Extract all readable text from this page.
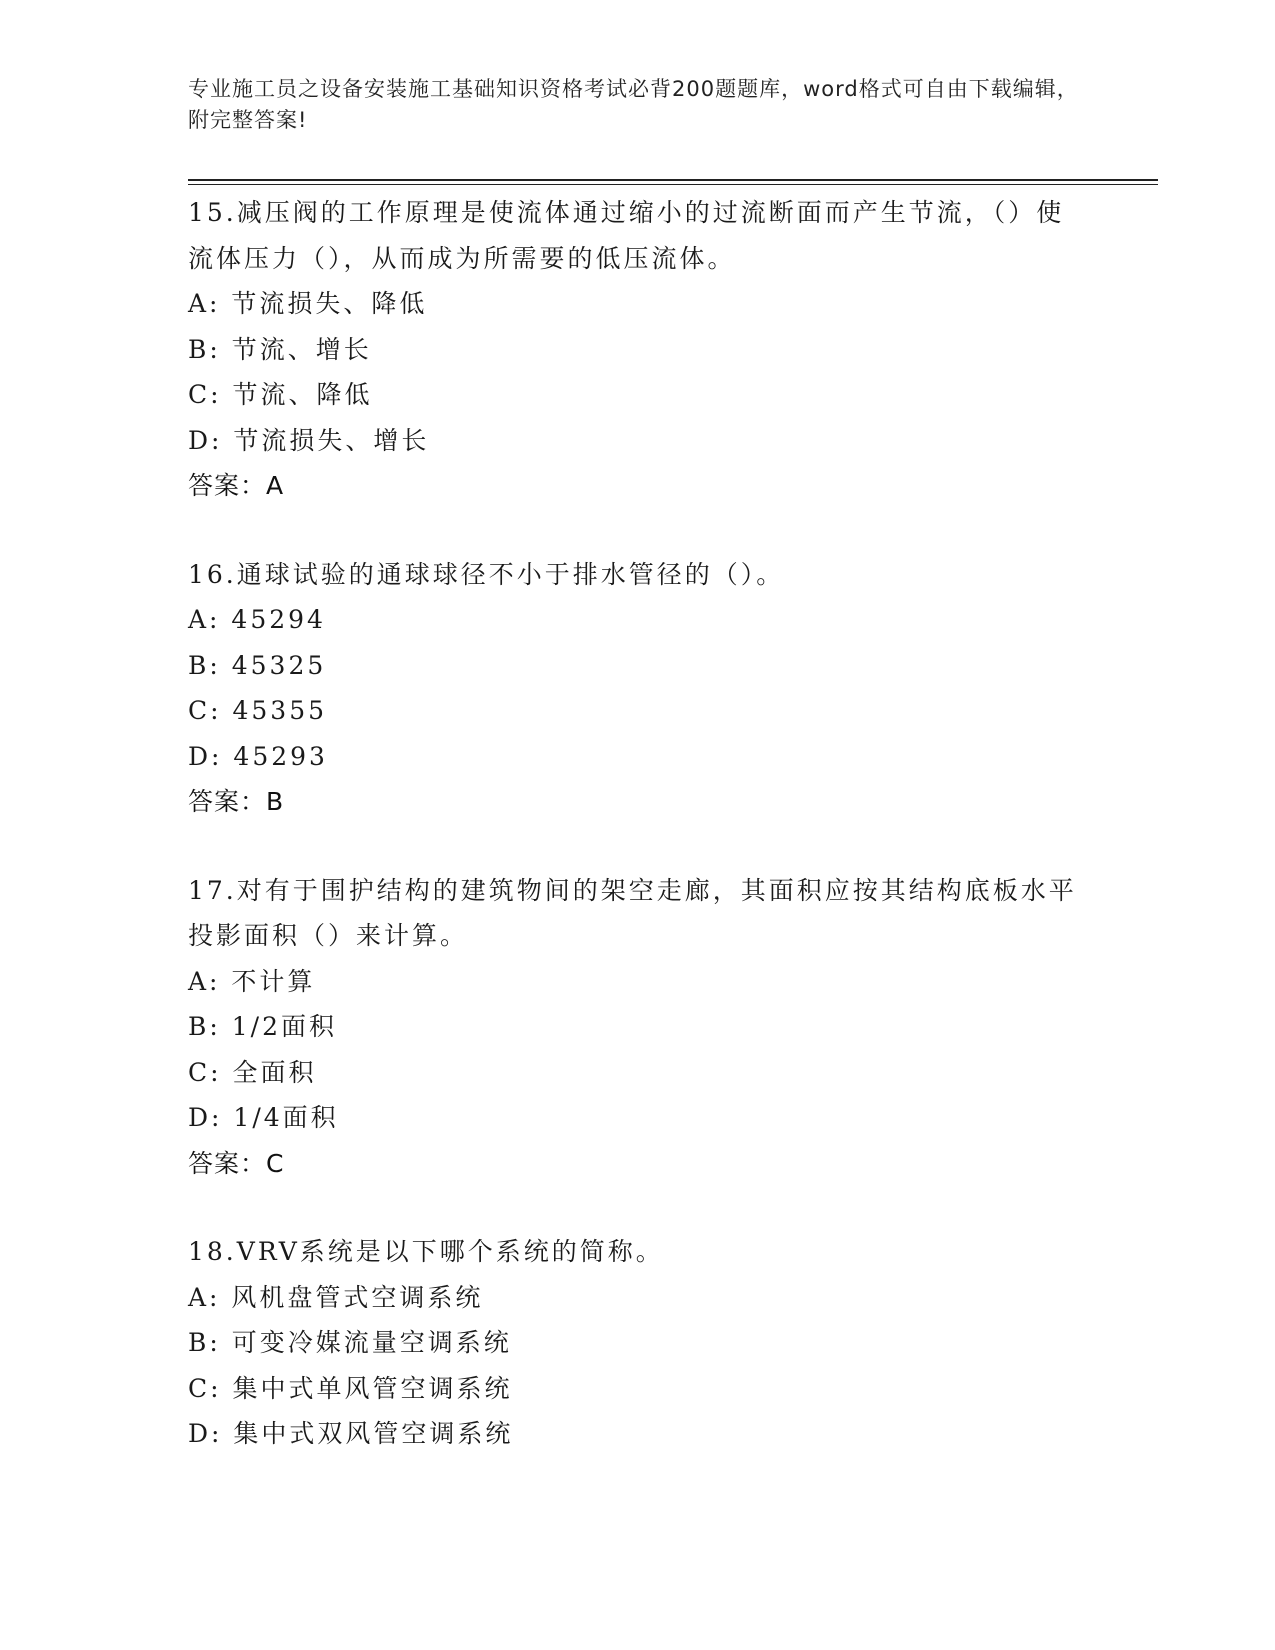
专业施工员之设备安装施工基础知识资格考试必背200题题库，word格式可自由下载编辑，附完整答案!
15.减压阀的工作原理是使流体通过缩小的过流断面而产生节流，（）使流体压力（），从而成为所需要的低压流体。
A: 节流损失、降低
B: 节流、增长
C: 节流、降低
D: 节流损失、增长
答案：A
16.通球试验的通球球径不小于排水管径的（）。
A: 45294
B: 45325
C: 45355
D: 45293
答案：B
17.对有于围护结构的建筑物间的架空走廊，其面积应按其结构底板水平投影面积（）来计算。
A: 不计算
B: 1/2面积
C: 全面积
D: 1/4面积
答案：C
18.VRV系统是以下哪个系统的简称。
A: 风机盘管式空调系统
B: 可变冷媒流量空调系统
C: 集中式单风管空调系统
D: 集中式双风管空调系统
